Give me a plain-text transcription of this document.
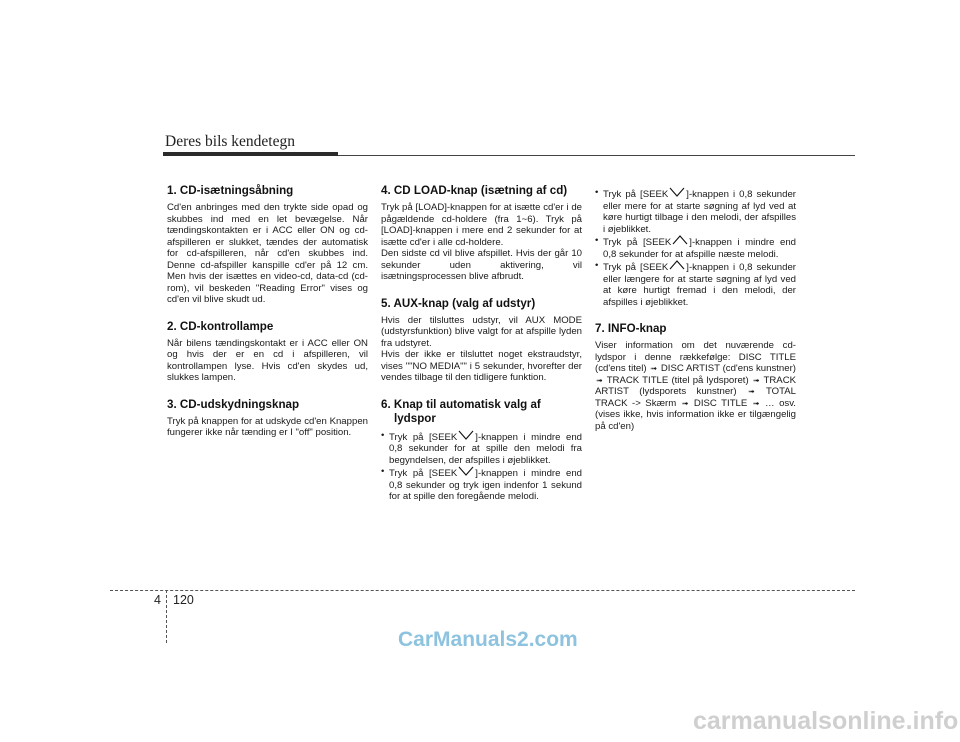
Deres bils kendetegn
1. CD-isætningsåbning

Cd'en anbringes med den trykte side opad og skubbes ind med en let bevægelse. Når tændingskontakten er i ACC eller ON og cd-afspilleren er slukket, tændes der automatisk for cd-afspilleren, når cd'en skubbes ind. Denne cd-afspiller kanspille cd'er på 12 cm. Men hvis der isættes en video-cd, data-cd (cd-rom), vil beskeden "Reading Error" vises og cd'en vil blive skudt ud.

2. CD-kontrollampe

Når bilens tændingskontakt er i ACC eller ON og hvis der er en cd i afspilleren, vil kontrollampen lyse. Hvis cd'en skydes ud, slukkes lampen.

3. CD-udskydningsknap

Tryk på knappen for at udskyde cd'en Knappen fungerer ikke når tænding er I "off" position.

4. CD LOAD-knap (isætning af cd)

Tryk på [LOAD]-knappen for at isætte cd'er i de pågældende cd-holdere (fra 1~6). Tryk på [LOAD]-knappen i mere end 2 sekunder for at isætte cd'er i alle cd-holdere.

Den sidste cd vil blive afspillet. Hvis der går 10 sekunder uden aktivering, vil isætningsprocessen blive afbrudt.

5. AUX-knap (valg af udstyr)

Hvis der tilsluttes udstyr, vil AUX MODE (udstyrsfunktion) blive valgt for at afspille lyden fra udstyret.

Hvis der ikke er tilsluttet noget ekstraudstyr, vises ""NO MEDIA"" i 5 sekunder, hvorefter der vendes tilbage til den tidligere funktion.

6. Knap til automatisk valg af lydspor
• Tryk på [SEEK ]-knappen i mindre end 0,8 sekunder for at spille den melodi fra begyndelsen, der afspilles i øjeblikket.
• Tryk på [SEEK ]-knappen i mindre end 0,8 sekunder og tryk igen indenfor 1 sekund for at spille den foregående melodi.
• Tryk på [SEEK ]-knappen i 0,8 sekunder eller mere for at starte søgning af lyd ved at køre hurtigt tilbage i den melodi, der afspilles i øjeblikket.
• Tryk på [SEEK ]-knappen i mindre end 0,8 sekunder for at afspille næste melodi.
• Tryk på [SEEK ]-knappen i 0,8 sekunder eller længere for at starte søgning af lyd ved at køre hurtigt fremad i den melodi, der afspilles i øjeblikket.
7. INFO-knap

Viser information om det nuværende cd-lydspor i denne rækkefølge: DISC TITLE (cd'ens titel) ➟ DISC ARTIST (cd'ens kunstner) ➟ TRACK TITLE (titel på lydsporet) ➟ TRACK ARTIST (lydsporets kunstner) ➟ TOTAL TRACK -> Skærm ➟ DISC TITLE ➟ … osv. (vises ikke, hvis information ikke er tilgængelig på cd'en)

4 120
CarManuals2.com
carmanualsonline.info
